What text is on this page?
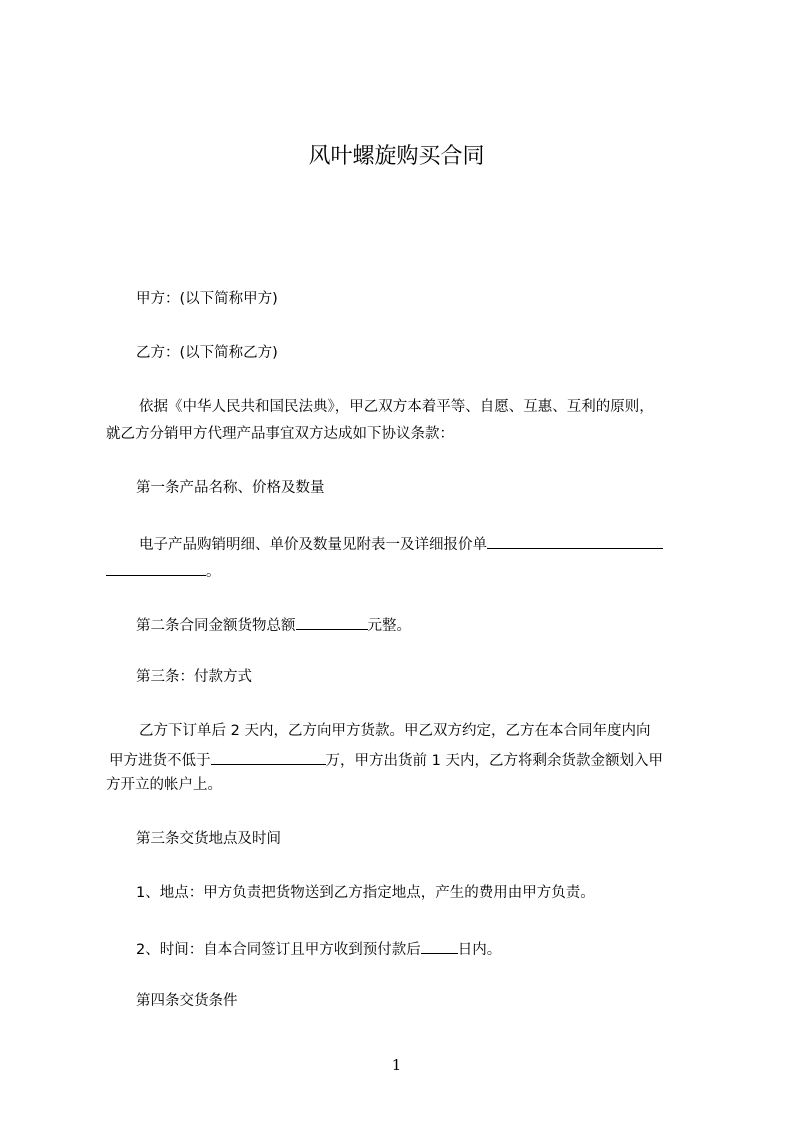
风叶螺旋购买合同
甲方：(以下简称甲方)
乙方：(以下简称乙方)
依据《中华人民共和国民法典》，甲乙双方本着平等、自愿、互惠、互利的原则，
就乙方分销甲方代理产品事宜双方达成如下协议条款：
第一条产品名称、价格及数量
电子产品购销明细、单价及数量见附表一及详细报价单
。
第二条合同金额货物总额	元整。
第三条：付款方式
乙方下订单后 2 天内，乙方向甲方货款。甲乙双方约定，乙方在本合同年度内向
甲方进货不低于	万，甲方出货前 1 天内，乙方将剩余货款金额划入甲
方开立的帐户上。
第三条交货地点及时间
1、地点：甲方负责把货物送到乙方指定地点，产生的费用由甲方负责。
2、时间：自本合同签订且甲方收到预付款后	日内。
第四条交货条件
1
